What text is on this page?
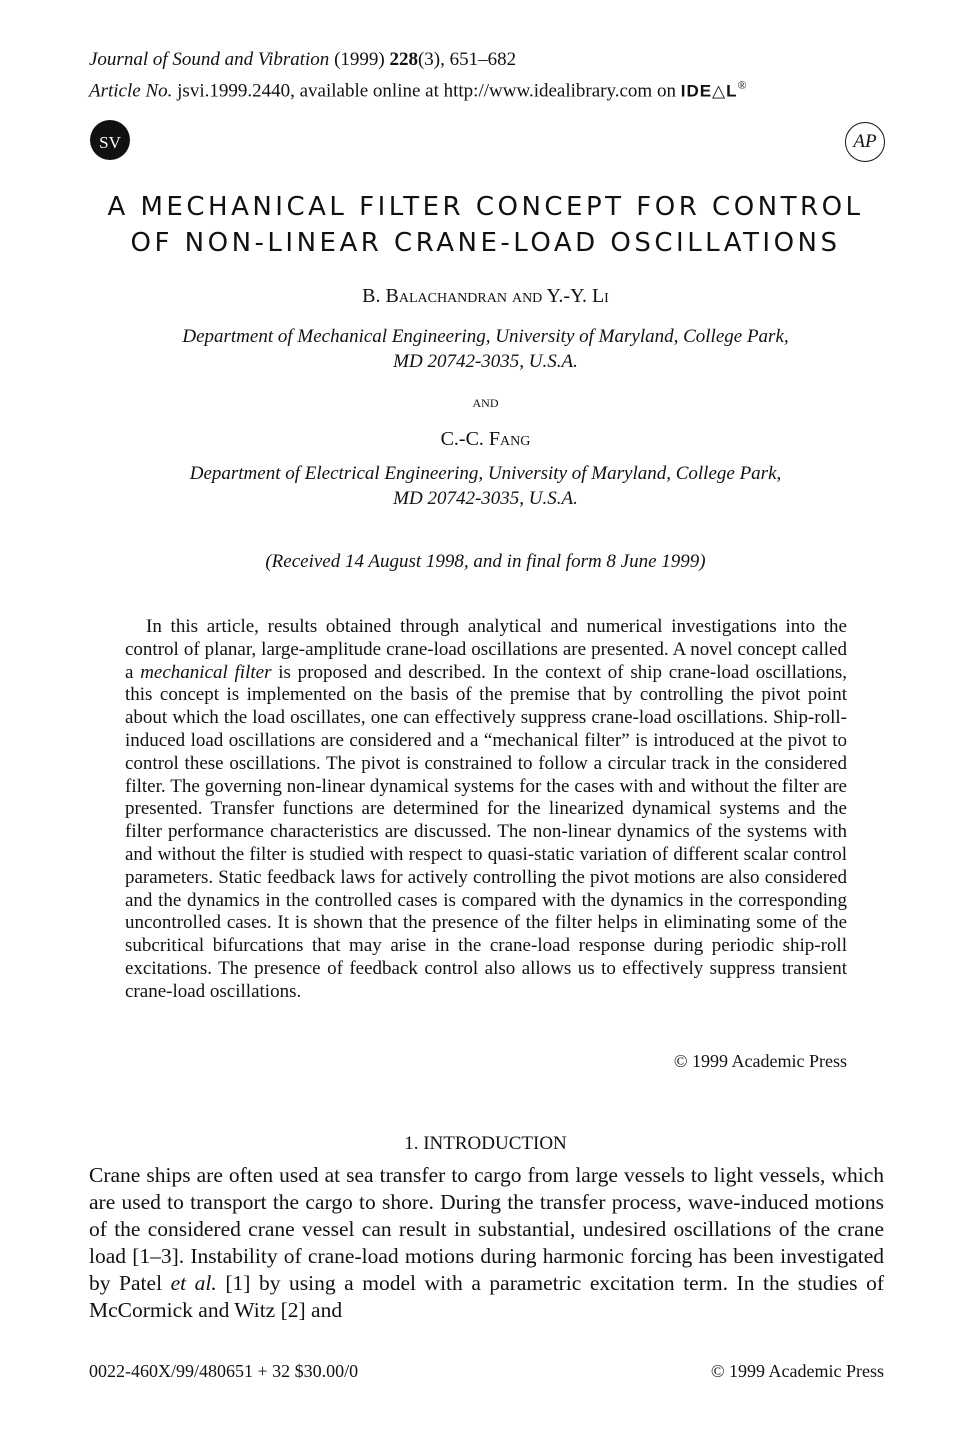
Journal of Sound and Vibration (1999) 228(3), 651–682
Article No. jsvi.1999.2440, available online at http://www.idealibrary.com on IDE△L®
SV	AP
A MECHANICAL FILTER CONCEPT FOR CONTROL
OF NON-LINEAR CRANE-LOAD OSCILLATIONS
B. Balachandran and Y.-Y. Li
Department of Mechanical Engineering, University of Maryland, College Park,
MD 20742-3035, U.S.A.
and
C.-C. Fang
Department of Electrical Engineering, University of Maryland, College Park,
MD 20742-3035, U.S.A.
(Received 14 August 1998, and in final form 8 June 1999)

In this article, results obtained through analytical and numerical investigations into the control of planar, large-amplitude crane-load oscillations are presented. A novel concept called a mechanical filter is proposed and described. In the context of ship crane-load oscillations, this concept is implemented on the basis of the premise that by controlling the pivot point about which the load oscillates, one can effectively suppress crane-load oscillations. Ship-roll-induced load oscillations are considered and a “mechanical filter” is introduced at the pivot to control these oscillations. The pivot is constrained to follow a circular track in the considered filter. The governing non-linear dynamical systems for the cases with and without the filter are presented. Transfer functions are determined for the linearized dynamical systems and the filter performance characteristics are discussed. The non-linear dynamics of the systems with and without the filter is studied with respect to quasi-static variation of different scalar control parameters. Static feedback laws for actively controlling the pivot motions are also considered and the dynamics in the controlled cases is compared with the dynamics in the corresponding uncontrolled cases. It is shown that the presence of the filter helps in eliminating some of the subcritical bifurcations that may arise in the crane-load response during periodic ship-roll excitations. The presence of feedback control also allows us to effectively suppress transient crane-load oscillations.

© 1999 Academic Press
1. INTRODUCTION

Crane ships are often used at sea transfer to cargo from large vessels to light vessels, which are used to transport the cargo to shore. During the transfer process, wave-induced motions of the considered crane vessel can result in substantial, undesired oscillations of the crane load [1–3]. Instability of crane-load motions during harmonic forcing has been investigated by Patel et al. [1] by using a model with a parametric excitation term. In the studies of McCormick and Witz [2] and

0022-460X/99/480651 + 32 $30.00/0	© 1999 Academic Press
